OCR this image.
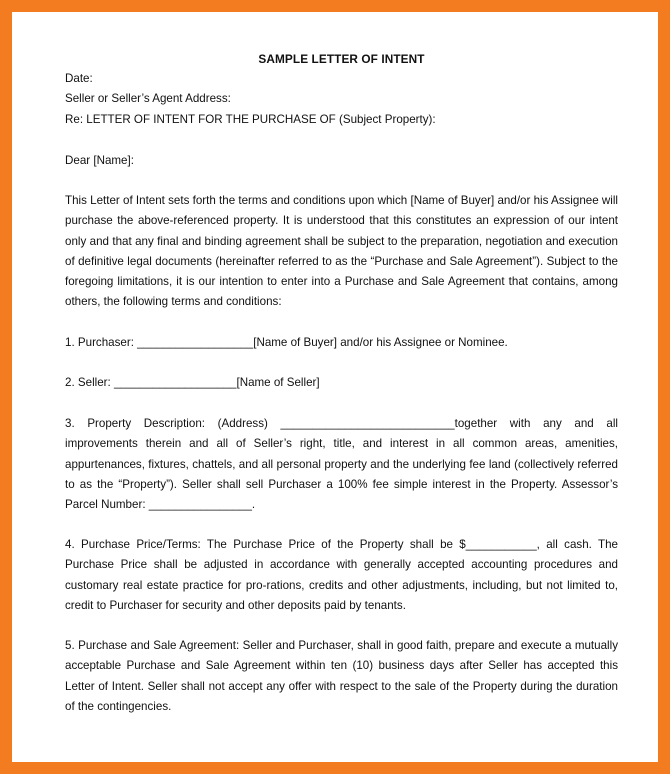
SAMPLE LETTER OF INTENT
Date:
Seller or Seller’s Agent Address:
Re: LETTER OF INTENT FOR THE PURCHASE OF (Subject Property):
Dear [Name]:
This Letter of Intent sets forth the terms and conditions upon which [Name of Buyer] and/or his Assignee will purchase the above-referenced property. It is understood that this constitutes an expression of our intent only and that any final and binding agreement shall be subject to the preparation, negotiation and execution of definitive legal documents (hereinafter referred to as the “Purchase and Sale Agreement”). Subject to the foregoing limitations, it is our intention to enter into a Purchase and Sale Agreement that contains, among others, the following terms and conditions:
1. Purchaser: __________________[Name of Buyer] and/or his Assignee or Nominee.
2. Seller: ___________________[Name of Seller]
3. Property Description: (Address) ___________________________together with any and all improvements therein and all of Seller’s right, title, and interest in all common areas, amenities, appurtenances, fixtures, chattels, and all personal property and the underlying fee land (collectively referred to as the “Property”). Seller shall sell Purchaser a 100% fee simple interest in the Property. Assessor’s Parcel Number: ________________.
4. Purchase Price/Terms: The Purchase Price of the Property shall be $___________, all cash. The Purchase Price shall be adjusted in accordance with generally accepted accounting procedures and customary real estate practice for pro-rations, credits and other adjustments, including, but not limited to, credit to Purchaser for security and other deposits paid by tenants.
5. Purchase and Sale Agreement: Seller and Purchaser, shall in good faith, prepare and execute a mutually acceptable Purchase and Sale Agreement within ten (10) business days after Seller has accepted this Letter of Intent. Seller shall not accept any offer with respect to the sale of the Property during the duration of the contingencies.
